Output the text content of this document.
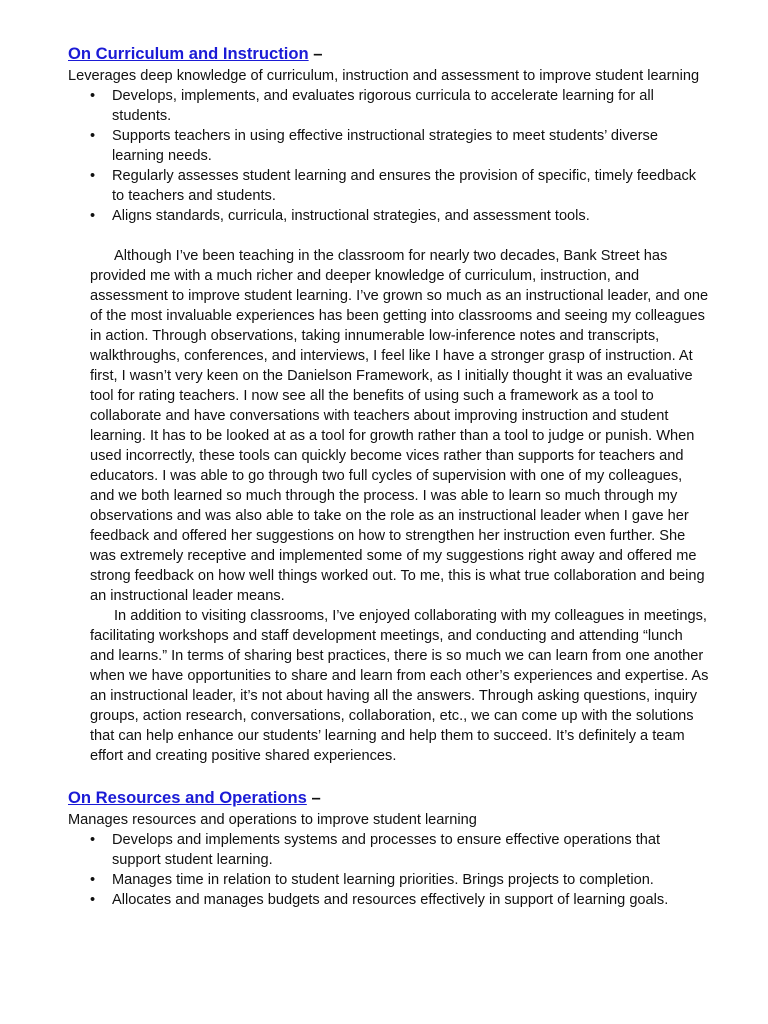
On Curriculum and Instruction –

Leverages deep knowledge of curriculum, instruction and assessment to improve student learning

• Develops, implements, and evaluates rigorous curricula to accelerate learning for all students.
• Supports teachers in using effective instructional strategies to meet students’ diverse learning needs.
• Regularly assesses student learning and ensures the provision of specific, timely feedback to teachers and students.
• Aligns standards, curricula, instructional strategies, and assessment tools.

Although I’ve been teaching in the classroom for nearly two decades, Bank Street has provided me with a much richer and deeper knowledge of curriculum, instruction, and assessment to improve student learning. I’ve grown so much as an instructional leader, and one of the most invaluable experiences has been getting into classrooms and seeing my colleagues in action. Through observations, taking innumerable low-inference notes and transcripts, walkthroughs, conferences, and interviews, I feel like I have a stronger grasp of instruction. At first, I wasn’t very keen on the Danielson Framework, as I initially thought it was an evaluative tool for rating teachers. I now see all the benefits of using such a framework as a tool to collaborate and have conversations with teachers about improving instruction and student learning. It has to be looked at as a tool for growth rather than a tool to judge or punish. When used incorrectly, these tools can quickly become vices rather than supports for teachers and educators. I was able to go through two full cycles of supervision with one of my colleagues, and we both learned so much through the process. I was able to learn so much through my observations and was also able to take on the role as an instructional leader when I gave her feedback and offered her suggestions on how to strengthen her instruction even further. She was extremely receptive and implemented some of my suggestions right away and offered me strong feedback on how well things worked out. To me, this is what true collaboration and being an instructional leader means.

In addition to visiting classrooms, I’ve enjoyed collaborating with my colleagues in meetings, facilitating workshops and staff development meetings, and conducting and attending “lunch and learns.” In terms of sharing best practices, there is so much we can learn from one another when we have opportunities to share and learn from each other’s experiences and expertise. As an instructional leader, it’s not about having all the answers. Through asking questions, inquiry groups, action research, conversations, collaboration, etc., we can come up with the solutions that can help enhance our students’ learning and help them to succeed. It’s definitely a team effort and creating positive shared experiences.

On Resources and Operations –

Manages resources and operations to improve student learning

• Develops and implements systems and processes to ensure effective operations that support student learning.
• Manages time in relation to student learning priorities. Brings projects to completion.
• Allocates and manages budgets and resources effectively in support of learning goals.
